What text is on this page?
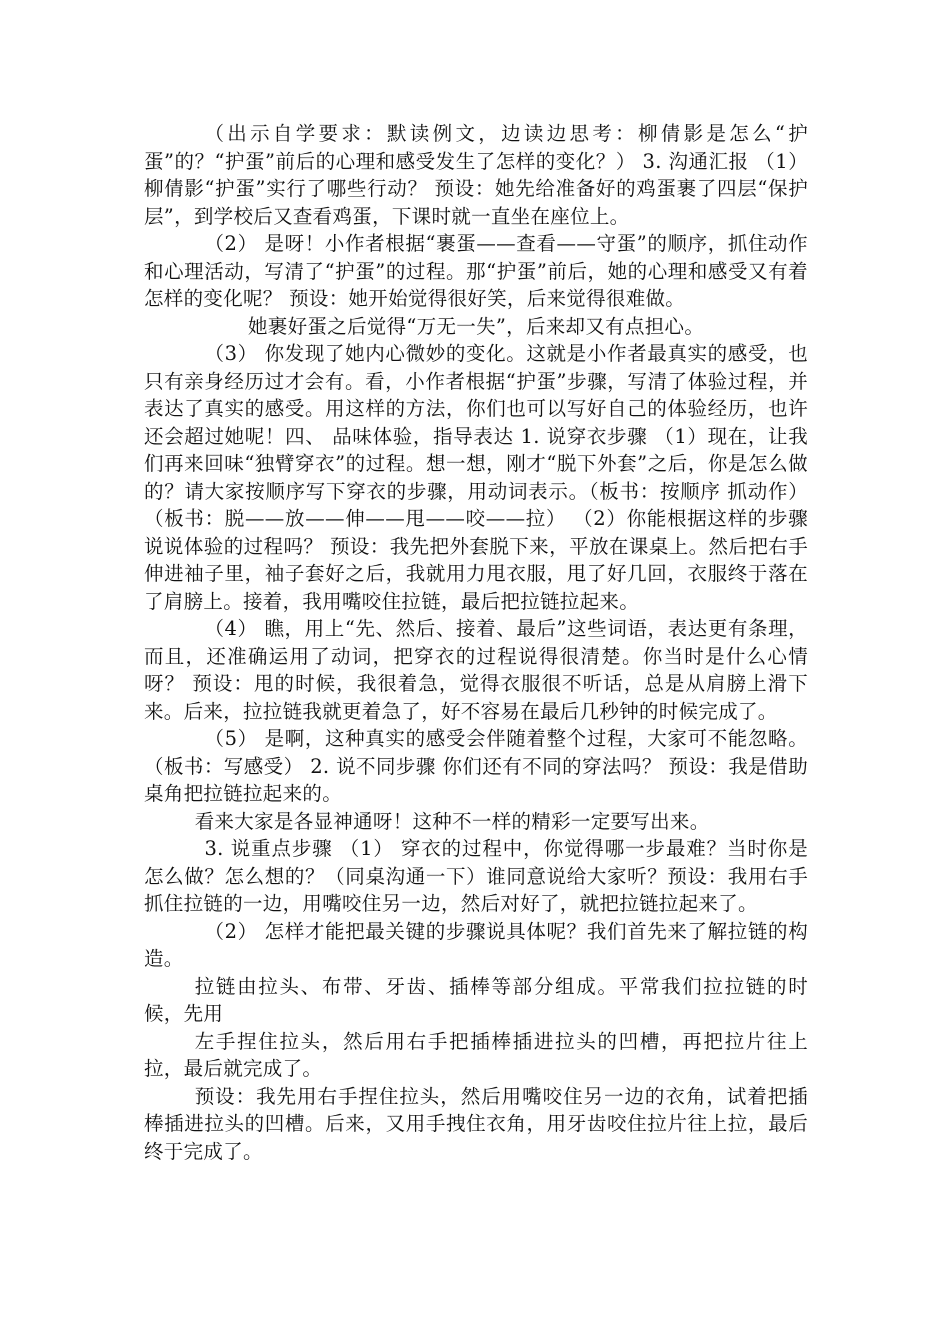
（出示自学要求：默读例文，边读边思考：柳倩影是怎么“护蛋”的？“护蛋”前后的心理和感受发生了怎样的变化？） 3. 沟通汇报 （1） 柳倩影“护蛋”实行了哪些行动？ 预设：她先给准备好的鸡蛋裹了四层“保护层”，到学校后又查看鸡蛋，下课时就一直坐在座位上。

（2） 是呀！小作者根据“裹蛋——查看——守蛋”的顺序，抓住动作和心理活动，写清了“护蛋”的过程。那“护蛋”前后，她的心理和感受又有着怎样的变化呢？ 预设：她开始觉得很好笑，后来觉得很难做。

她裹好蛋之后觉得“万无一失”，后来却又有点担心。

（3） 你发现了她内心微妙的变化。这就是小作者最真实的感受，也只有亲身经历过才会有。看，小作者根据“护蛋”步骤，写清了体验过程，并表达了真实的感受。用这样的方法，你们也可以写好自己的体验经历，也许还会超过她呢！四、 品味体验，指导表达 1. 说穿衣步骤 （1）现在，让我们再来回味“独臂穿衣”的过程。想一想，刚才“脱下外套”之后，你是怎么做的？请大家按顺序写下穿衣的步骤，用动词表示。（板书：按顺序 抓动作） （板书：脱——放——伸——甩——咬——拉） （2）你能根据这样的步骤说说体验的过程吗？ 预设：我先把外套脱下来，平放在课桌上。然后把右手伸进袖子里，袖子套好之后，我就用力甩衣服，甩了好几回，衣服终于落在了肩膀上。接着，我用嘴咬住拉链，最后把拉链拉起来。

（4） 瞧，用上“先、然后、接着、最后”这些词语，表达更有条理，而且，还准确运用了动词，把穿衣的过程说得很清楚。你当时是什么心情呀？ 预设：甩的时候，我很着急，觉得衣服很不听话，总是从肩膀上滑下来。后来，拉拉链我就更着急了，好不容易在最后几秒钟的时候完成了。

（5） 是啊，这种真实的感受会伴随着整个过程，大家可不能忽略。（板书：写感受） 2. 说不同步骤 你们还有不同的穿法吗？ 预设：我是借助桌角把拉链拉起来的。

看来大家是各显神通呀！这种不一样的精彩一定要写出来。

3. 说重点步骤 （1） 穿衣的过程中，你觉得哪一步最难？当时你是怎么做？怎么想的？（同桌沟通一下）谁同意说给大家听？预设：我用右手抓住拉链的一边，用嘴咬住另一边，然后对好了，就把拉链拉起来了。

（2） 怎样才能把最关键的步骤说具体呢？我们首先来了解拉链的构造。

拉链由拉头、布带、牙齿、插棒等部分组成。平常我们拉拉链的时候，先用

左手捏住拉头，然后用右手把插棒插进拉头的凹槽，再把拉片往上拉，最后就完成了。

预设：我先用右手捏住拉头，然后用嘴咬住另一边的衣角，试着把插棒插进拉头的凹槽。后来，又用手拽住衣角，用牙齿咬住拉片往上拉，最后终于完成了。
